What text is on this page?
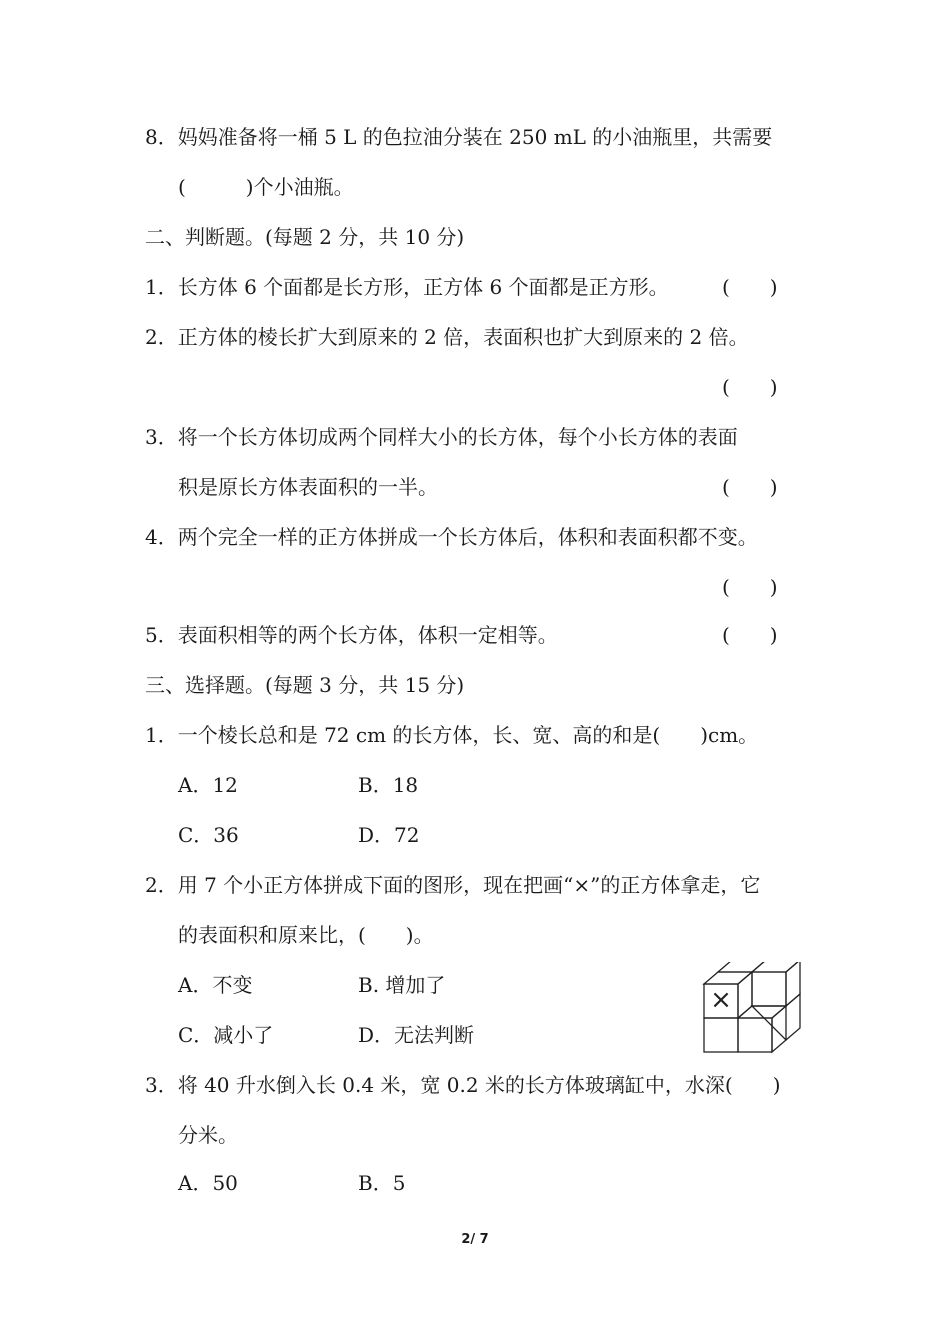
8．妈妈准备将一桶 5 L 的色拉油分装在 250 mL 的小油瓶里，共需要
(　　　)个小油瓶。
二、判断题。(每题 2 分，共 10 分)
1．长方体 6 个面都是长方形，正方体 6 个面都是正方形。	(　　)
2．正方体的棱长扩大到原来的 2 倍，表面积也扩大到原来的 2 倍。
(　　)
3．将一个长方体切成两个同样大小的长方体，每个小长方体的表面
积是原长方体表面积的一半。	(　　)
4．两个完全一样的正方体拼成一个长方体后，体积和表面积都不变。
(　　)
5．表面积相等的两个长方体，体积一定相等。	(　　)
三、选择题。(每题 3 分，共 15 分)
1．一个棱长总和是 72 cm 的长方体，长、宽、高的和是(　　)cm。
A．12	B．18
C．36	D．72
2．用 7 个小正方体拼成下面的图形，现在把画“×”的正方体拿走，它
的表面积和原来比，(　　)。
A．不变	B. 增加了
C．减小了	D．无法判断
×
3．将 40 升水倒入长 0.4 米，宽 0.2 米的长方体玻璃缸中，水深(　　)
分米。
A．50	B．5
2/ 7
